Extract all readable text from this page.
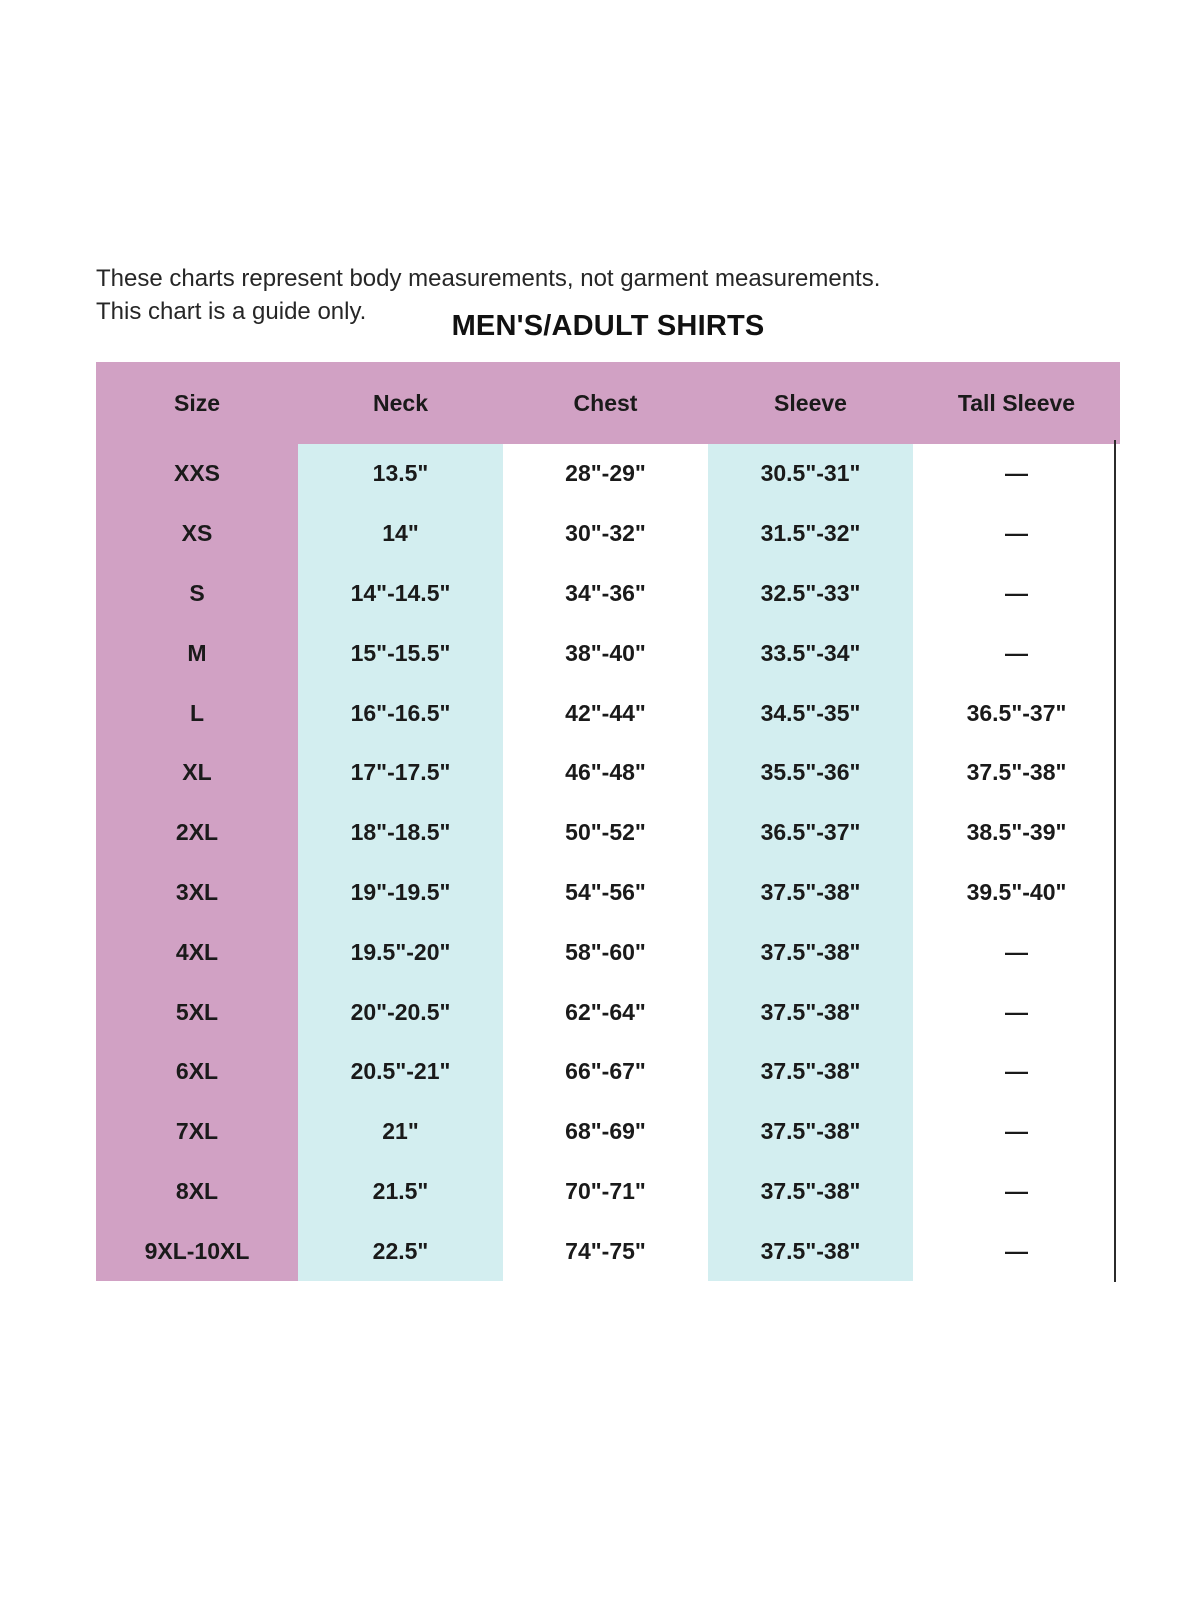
These charts represent body measurements, not garment measurements.
This chart is a guide only.	MEN'S/ADULT SHIRTS
Size	Neck	Chest	Sleeve	Tall Sleeve
XXS	13.5"	28"-29"	30.5"-31"	—
XS	14"	30"-32"	31.5"-32"	—
S	14"-14.5"	34"-36"	32.5"-33"	—
M	15"-15.5"	38"-40"	33.5"-34"	—
L	16"-16.5"	42"-44"	34.5"-35"	36.5"-37"
XL	17"-17.5"	46"-48"	35.5"-36"	37.5"-38"
2XL	18"-18.5"	50"-52"	36.5"-37"	38.5"-39"
3XL	19"-19.5"	54"-56"	37.5"-38"	39.5"-40"
4XL	19.5"-20"	58"-60"	37.5"-38"	—
5XL	20"-20.5"	62"-64"	37.5"-38"	—
6XL	20.5"-21"	66"-67"	37.5"-38"	—
7XL	21"	68"-69"	37.5"-38"	—
8XL	21.5"	70"-71"	37.5"-38"	—
9XL-10XL	22.5"	74"-75"	37.5"-38"	—
